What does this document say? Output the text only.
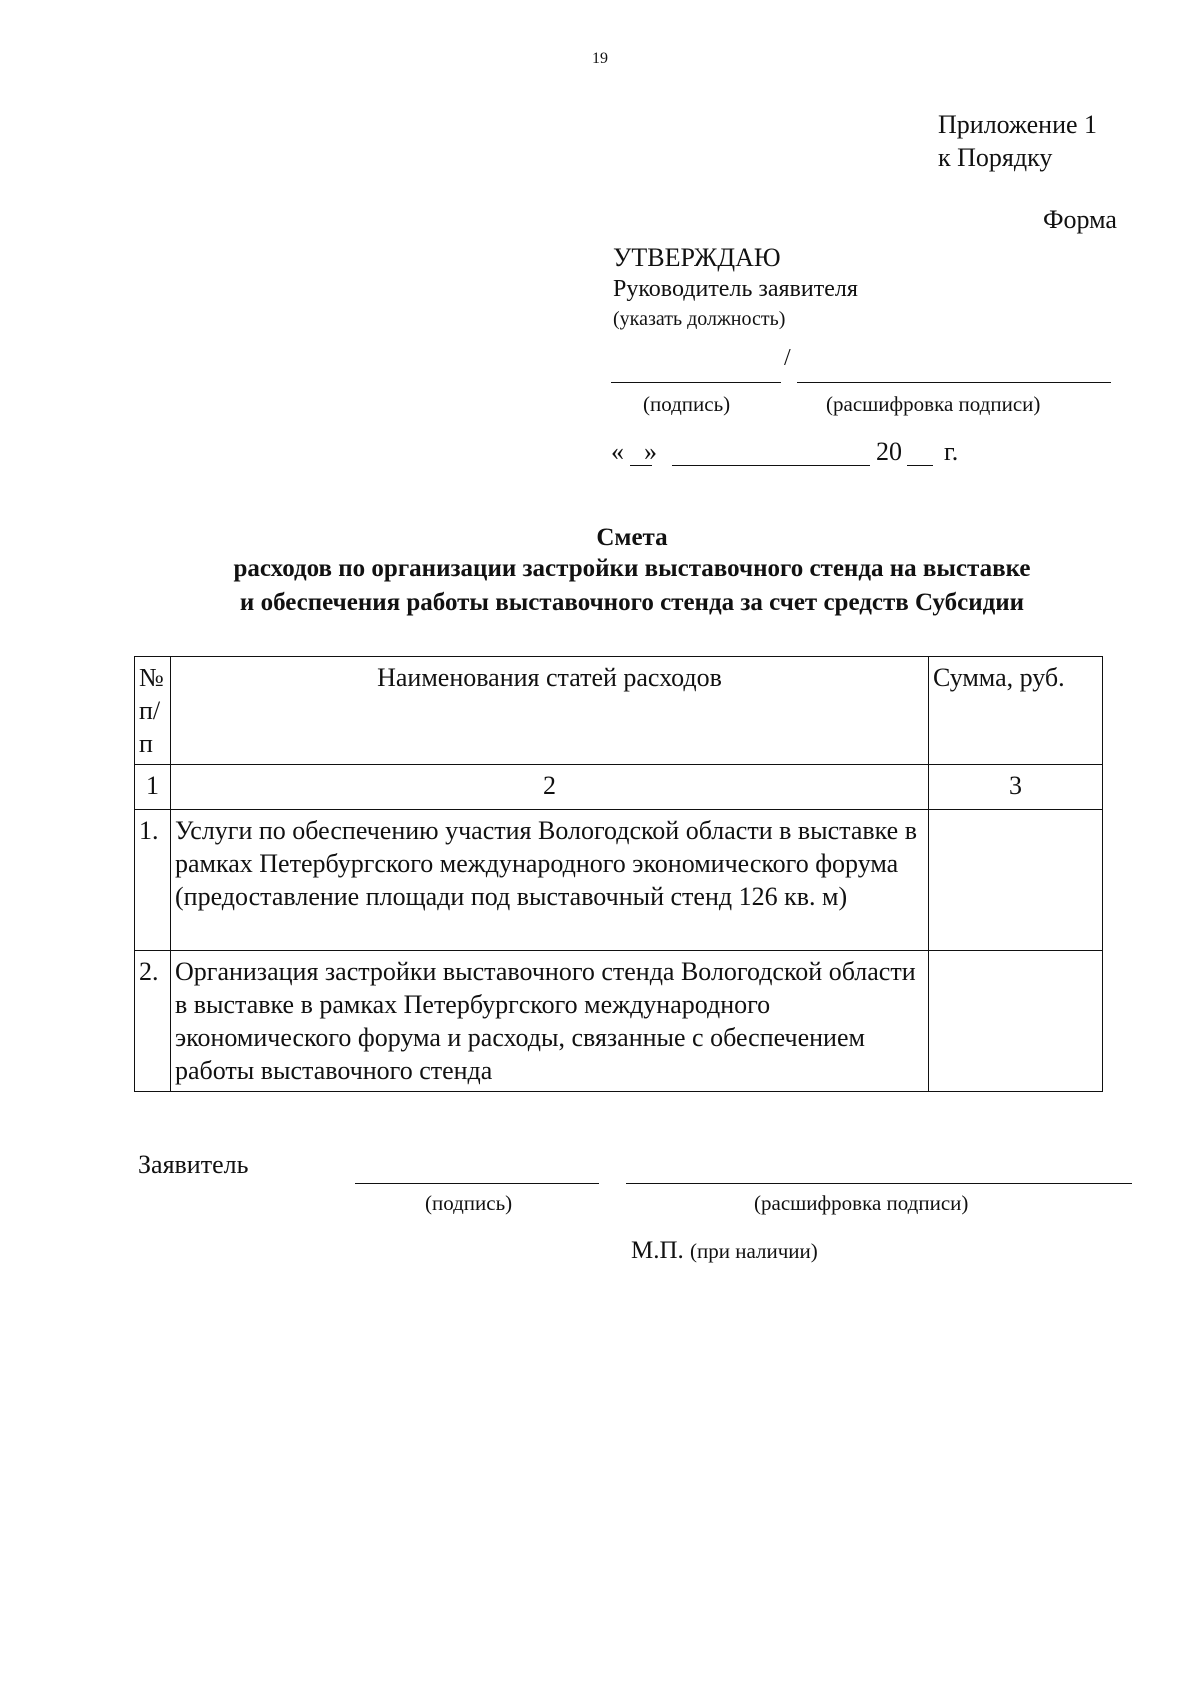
19
Приложение 1
к Порядку
Форма
УТВЕРЖДАЮ
Руководитель заявителя
(указать должность)
/
(подпись)	(расшифровка подписи)
« »	20 г.
Смета
расходов по организации застройки выставочного стенда на выставке
и обеспечения работы выставочного стенда за счет средств Субсидии
№ п/п	Наименования статей расходов	Сумма, руб.
1	2	3
1.	Услуги по обеспечению участия Вологодской области в выставке в рамках Петербургского международного экономического форума (предоставление площади под выставочный стенд 126 кв. м)	
2.	Организация застройки выставочного стенда Вологодской области в выставке в рамках Петербургского международного экономического форума и расходы, связанные с обеспечением работы выставочного стенда	
Заявитель
(подпись)	(расшифровка подписи)
М.П. (при наличии)
